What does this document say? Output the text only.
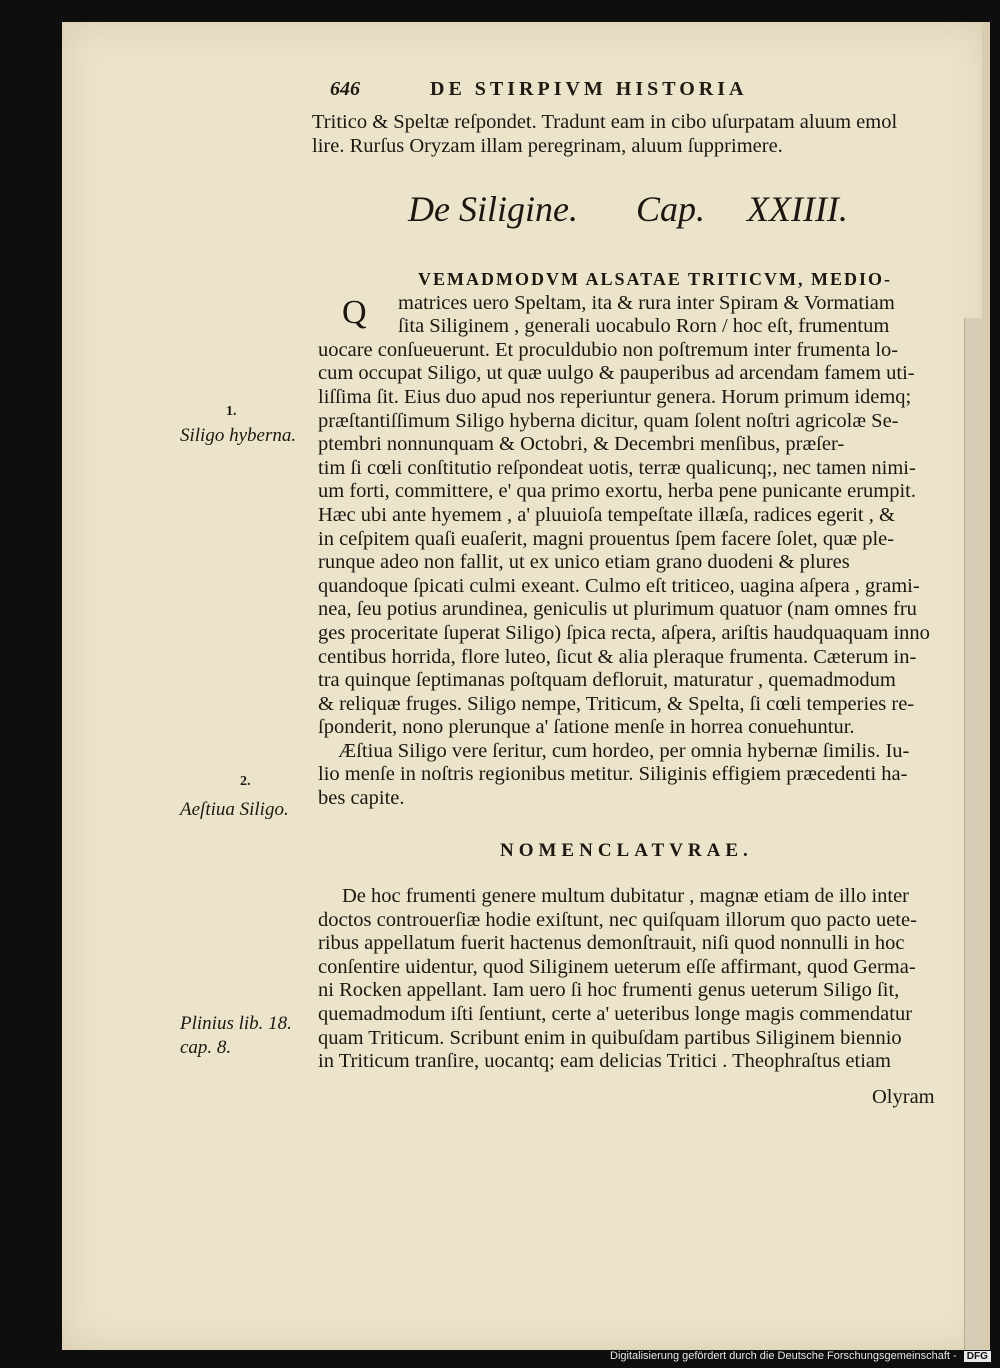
646	DE STIRPIVM HISTORIA
Tritico & Speltæ reſpondet. Tradunt eam in cibo uſurpatam aluum emol
lire. Rurſus Oryzam illam peregrinam, aluum ſupprimere.
De Siligine. Cap. XXIIII.
Q
VEMADMODVM ALSATAE TRITICVM, MEDIO-
matrices uero Speltam, ita & rura inter Spiram & Vormatiam
ſita Siliginem , generali uocabulo Rorn / hoc eſt, frumentum
uocare conſueuerunt. Et proculdubio non poſtremum inter frumenta lo-
cum occupat Siligo, ut quæ uulgo & pauperibus ad arcendam famem uti-
liſſima ſit. Eius duo apud nos reperiuntur genera. Horum primum idemq;
præſtantiſſimum Siligo hyberna dicitur, quam ſolent noſtri agricolæ Se-
ptembri nonnunquam & Octobri, & Decembri menſibus, præſer-
tim ſi cœli conſtitutio reſpondeat uotis, terræ qualicunq;, nec tamen nimi-
um forti, committere, e' qua primo exortu, herba pene punicante erumpit.
Hæc ubi ante hyemem , a' pluuioſa tempeſtate illæſa, radices egerit , &
in ceſpitem quaſi euaſerit, magni prouentus ſpem facere ſolet, quæ ple-
runque adeo non fallit, ut ex unico etiam grano duodeni & plures
quandoque ſpicati culmi exeant. Culmo eſt triticeo, uagina aſpera , grami-
nea, ſeu potius arundinea, geniculis ut plurimum quatuor (nam omnes fru
ges proceritate ſuperat Siligo) ſpica recta, aſpera, ariſtis haudquaquam inno
centibus horrida, flore luteo, ſicut & alia pleraque frumenta. Cæterum in-
tra quinque ſeptimanas poſtquam defloruit, maturatur , quemadmodum
& reliquæ fruges. Siligo nempe, Triticum, & Spelta, ſi cœli temperies re-
ſponderit, nono plerunque a' ſatione menſe in horrea conuehuntur.
Æſtiua Siligo vere ſeritur, cum hordeo, per omnia hybernæ ſimilis. Iu-
lio menſe in noſtris regionibus metitur. Siliginis effigiem præcedenti ha-
bes capite.
NOMENCLATVRAE.
De hoc frumenti genere multum dubitatur , magnæ etiam de illo inter
doctos controuerſiæ hodie exiſtunt, nec quiſquam illorum quo pacto uete-
ribus appellatum fuerit hactenus demonſtrauit, niſi quod nonnulli in hoc
conſentire uidentur, quod Siliginem ueterum eſſe affirmant, quod Germa-
ni Rocken appellant. Iam uero ſi hoc frumenti genus ueterum Siligo ſit,
quemadmodum iſti ſentiunt, certe a' ueteribus longe magis commendatur
quam Triticum. Scribunt enim in quibuſdam partibus Siliginem biennio
in Triticum tranſire, uocantq; eam delicias Tritici . Theophraſtus etiam
Olyram
1.
Siligo hyberna.
2.
Aeſtiua Siligo.
Plinius lib. 18.
cap. 8.
Digitalisierung gefördert durch die Deutsche Forschungsgemeinschaft - DFG
